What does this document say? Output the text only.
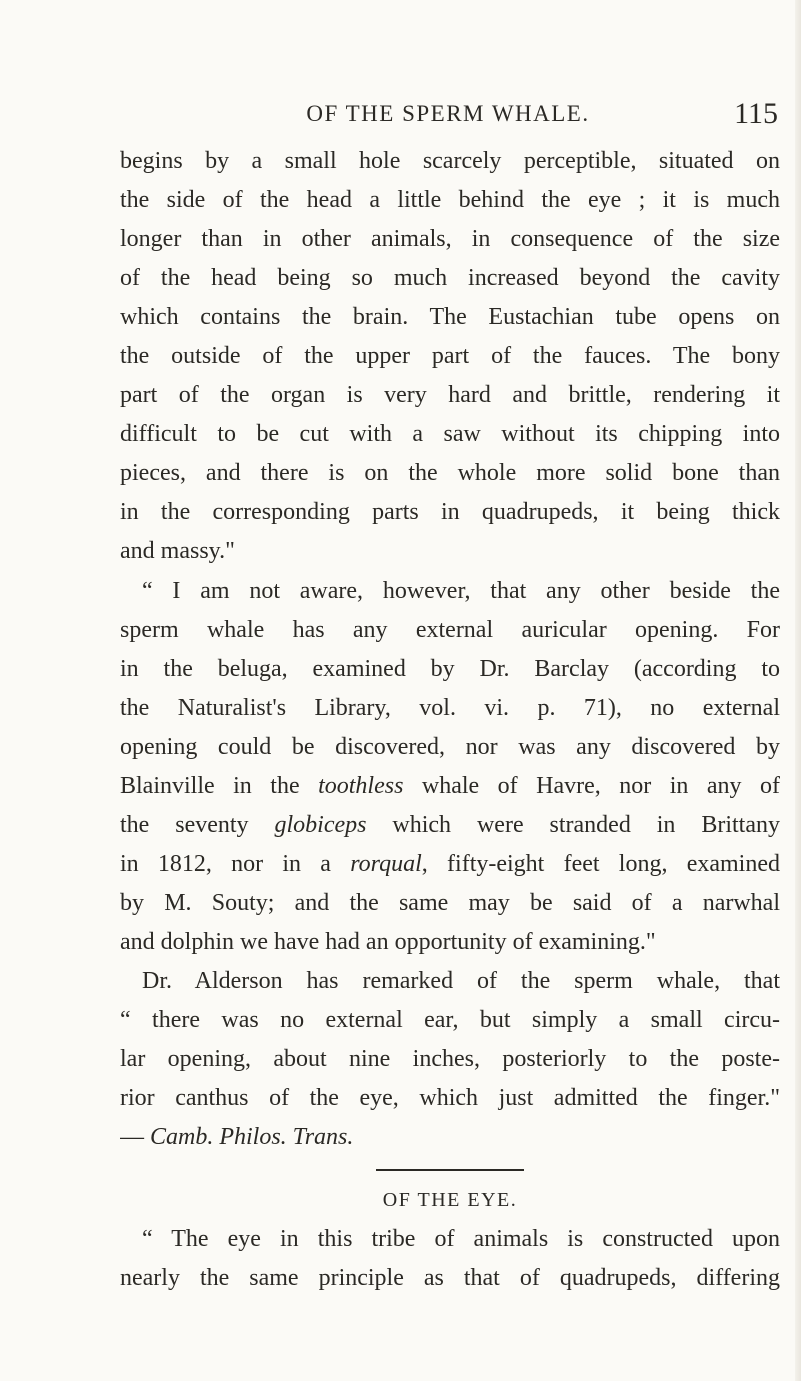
OF THE SPERM WHALE.	115
begins by a small hole scarcely perceptible, situated on
the side of the head a little behind the eye ; it is much
longer than in other animals, in consequence of the size
of the head being so much increased beyond the cavity
which contains the brain. The Eustachian tube opens on
the outside of the upper part of the fauces. The bony
part of the organ is very hard and brittle, rendering it
difficult to be cut with a saw without its chipping into
pieces, and there is on the whole more solid bone than
in the corresponding parts in quadrupeds, it being thick
and massy."
“ I am not aware, however, that any other beside the
sperm whale has any external auricular opening. For
in the beluga, examined by Dr. Barclay (according to
the Naturalist's Library, vol. vi. p. 71), no external
opening could be discovered, nor was any discovered by
Blainville in the toothless whale of Havre, nor in any of
the seventy globiceps which were stranded in Brittany
in 1812, nor in a rorqual, fifty-eight feet long, examined
by M. Souty; and the same may be said of a narwhal
and dolphin we have had an opportunity of examining."
Dr. Alderson has remarked of the sperm whale, that
“ there was no external ear, but simply a small circu-
lar opening, about nine inches, posteriorly to the poste-
rior canthus of the eye, which just admitted the finger."
— Camb. Philos. Trans.
OF THE EYE.
“ The eye in this tribe of animals is constructed upon
nearly the same principle as that of quadrupeds, differing
